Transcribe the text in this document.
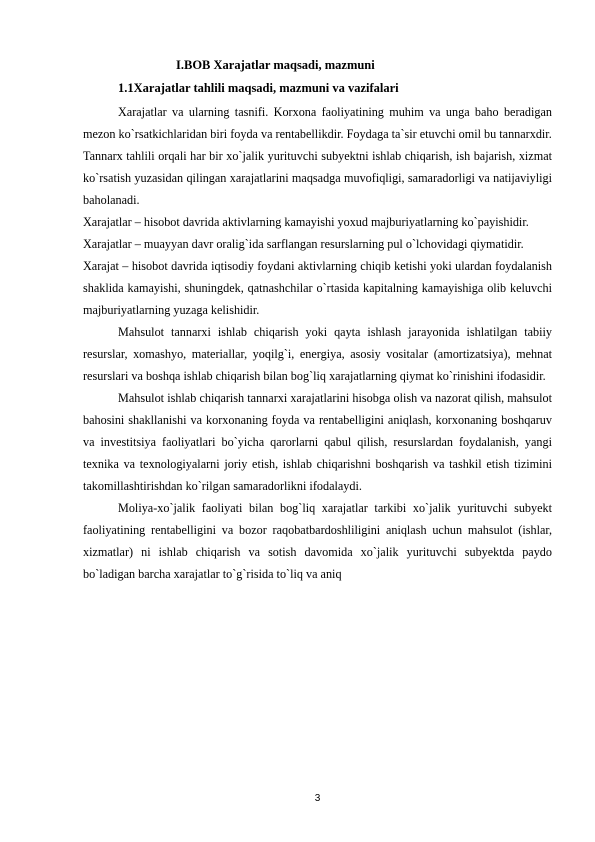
I.BOB Xarajatlar maqsadi, mazmuni
1.1Xarajatlar tahlili maqsadi, mazmuni va vazifalari

Xarajatlar va ularning tasnifi. Korxona faoliyatining muhim va unga baho beradigan mezon ko`rsatkichlaridan biri foyda va rentabellikdir. Foydaga ta`sir etuvchi omil bu tannarxdir.

Tannarx tahlili orqali har bir xo`jalik yurituvchi subyektni ishlab chiqarish, ish bajarish, xizmat ko`rsatish yuzasidan qilingan xarajatlarini maqsadga muvofiqligi, samaradorligi va natijaviyligi baholanadi.

Xarajatlar – hisobot davrida aktivlarning kamayishi yoxud majburiyatlarning ko`payishidir.

Xarajatlar – muayyan davr oralig`ida sarflangan resurslarning pul o`lchovidagi qiymatidir.

Xarajat – hisobot davrida iqtisodiy foydani aktivlarning chiqib ketishi yoki ulardan foydalanish shaklida kamayishi, shuningdek, qatnashchilar o`rtasida kapitalning kamayishiga olib keluvchi majburiyatlarning yuzaga kelishidir.

Mahsulot tannarxi ishlab chiqarish yoki qayta ishlash jarayonida ishlatilgan tabiiy resurslar, xomashyo, materiallar, yoqilg`i, energiya, asosiy vositalar (amortizatsiya), mehnat resurslari va boshqa ishlab chiqarish bilan bog`liq xarajatlarning qiymat ko`rinishini ifodasidir.

Mahsulot ishlab chiqarish tannarxi xarajatlarini hisobga olish va nazorat qilish, mahsulot bahosini shakllanishi va korxonaning foyda va rentabelligini aniqlash, korxonaning boshqaruv va investitsiya faoliyatlari bo`yicha qarorlarni qabul qilish, resurslardan foydalanish, yangi texnika va texnologiyalarni joriy etish, ishlab chiqarishni boshqarish va tashkil etish tizimini takomillashtirishdan ko`rilgan samaradorlikni ifodalaydi.

Moliya-xo`jalik faoliyati bilan bog`liq xarajatlar tarkibi xo`jalik yurituvchi subyekt faoliyatining rentabelligini va bozor raqobatbardoshliligini aniqlash uchun mahsulot (ishlar, xizmatlar) ni ishlab chiqarish va sotish davomida xo`jalik yurituvchi subyektda paydo bo`ladigan barcha xarajatlar to`g`risida to`liq va aniq

3
